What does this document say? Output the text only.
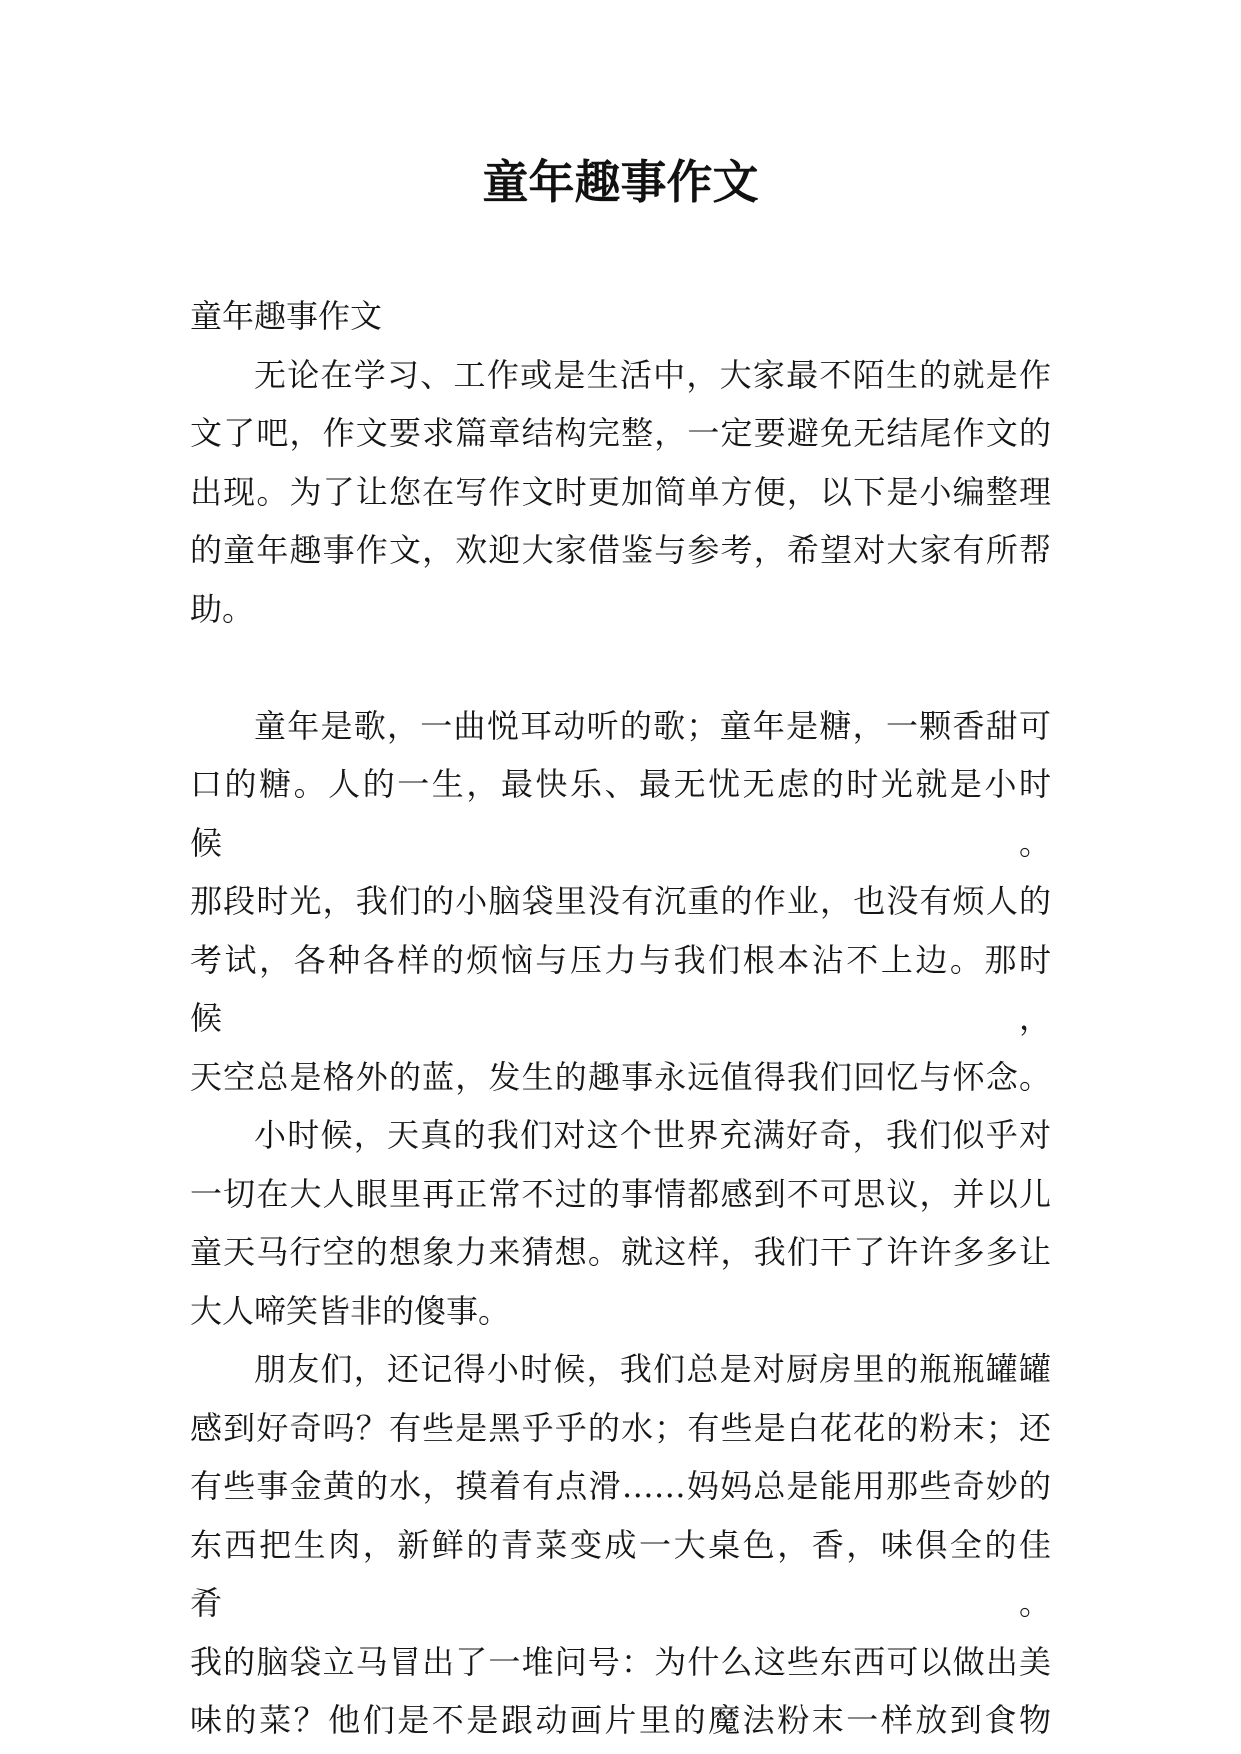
童年趣事作文
童年趣事作文
无论在学习、工作或是生活中，大家最不陌生的就是作
文了吧，作文要求篇章结构完整，一定要避免无结尾作文的
出现。为了让您在写作文时更加简单方便，以下是小编整理
的童年趣事作文，欢迎大家借鉴与参考，希望对大家有所帮
助。
童年是歌，一曲悦耳动听的歌；童年是糖，一颗香甜可
口的糖。人的一生，最快乐、最无忧无虑的时光就是小时候。
那段时光，我们的小脑袋里没有沉重的作业，也没有烦人的
考试，各种各样的烦恼与压力与我们根本沾不上边。那时候，
天空总是格外的蓝，发生的趣事永远值得我们回忆与怀念。
小时候，天真的我们对这个世界充满好奇，我们似乎对
一切在大人眼里再正常不过的事情都感到不可思议，并以儿
童天马行空的想象力来猜想。就这样，我们干了许许多多让
大人啼笑皆非的傻事。
朋友们，还记得小时候，我们总是对厨房里的瓶瓶罐罐
感到好奇吗？有些是黑乎乎的水；有些是白花花的粉末；还
有些事金黄的水，摸着有点滑……妈妈总是能用那些奇妙的
东西把生肉，新鲜的青菜变成一大桌色，香，味俱全的佳肴。
我的脑袋立马冒出了一堆问号：为什么这些东西可以做出美
味的菜？他们是不是跟动画片里的魔法粉末一样放到食物
